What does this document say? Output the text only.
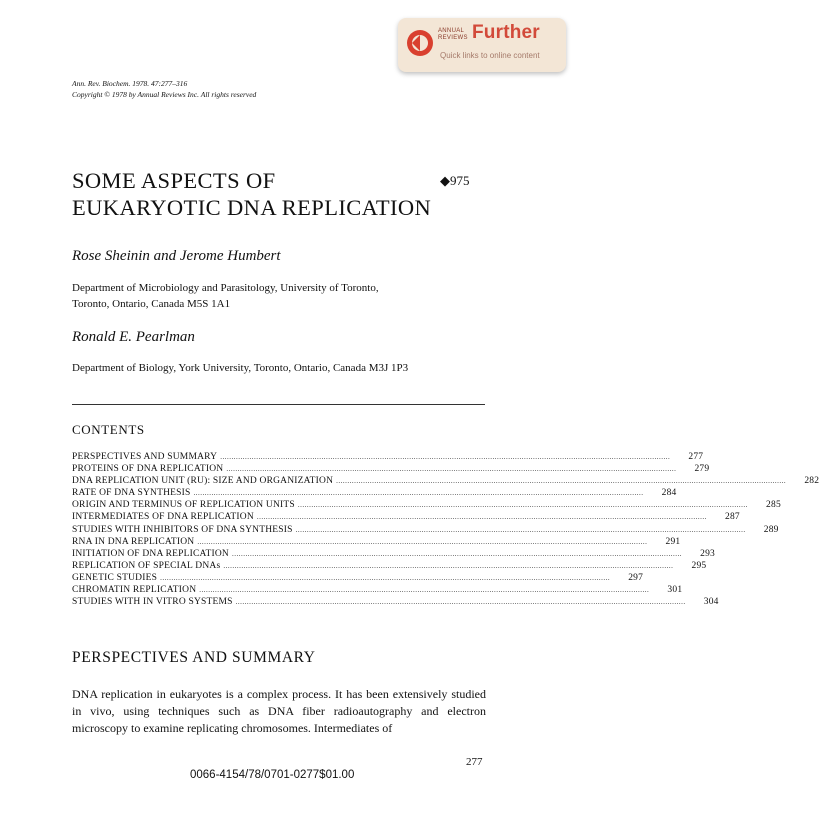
ANNUAL
REVIEWS Further
Quick links to online content
Ann. Rev. Biochem. 1978. 47:277–316
Copyright © 1978 by Annual Reviews Inc. All rights reserved
SOME ASPECTS OF
EUKARYOTIC DNA REPLICATION
◆975
Rose Sheinin and Jerome Humbert
Department of Microbiology and Parasitology, University of Toronto,
Toronto, Ontario, Canada M5S 1A1
Ronald E. Pearlman
Department of Biology, York University, Toronto, Ontario, Canada M3J 1P3
CONTENTS
PERSPECTIVES AND SUMMARY ........................................................................................................................................................................................................	277
PROTEINS OF DNA REPLICATION ........................................................................................................................................................................................................	279
DNA REPLICATION UNIT (RU): SIZE AND ORGANIZATION ........................................................................................................................................................................................................	282
RATE OF DNA SYNTHESIS ........................................................................................................................................................................................................	284
ORIGIN AND TERMINUS OF REPLICATION UNITS ........................................................................................................................................................................................................	285
INTERMEDIATES OF DNA REPLICATION ........................................................................................................................................................................................................	287
STUDIES WITH INHIBITORS OF DNA SYNTHESIS ........................................................................................................................................................................................................	289
RNA IN DNA REPLICATION ........................................................................................................................................................................................................	291
INITIATION OF DNA REPLICATION ........................................................................................................................................................................................................	293
REPLICATION OF SPECIAL DNAs ........................................................................................................................................................................................................	295
GENETIC STUDIES ........................................................................................................................................................................................................	297
CHROMATIN REPLICATION ........................................................................................................................................................................................................	301
STUDIES WITH IN VITRO SYSTEMS ........................................................................................................................................................................................................	304
PERSPECTIVES AND SUMMARY
DNA replication in eukaryotes is a complex process. It has been extensively studied in vivo, using techniques such as DNA fiber radioautography and electron microscopy to examine replicating chromosomes. Intermediates of
277
0066-4154/78/0701-0277$01.00
